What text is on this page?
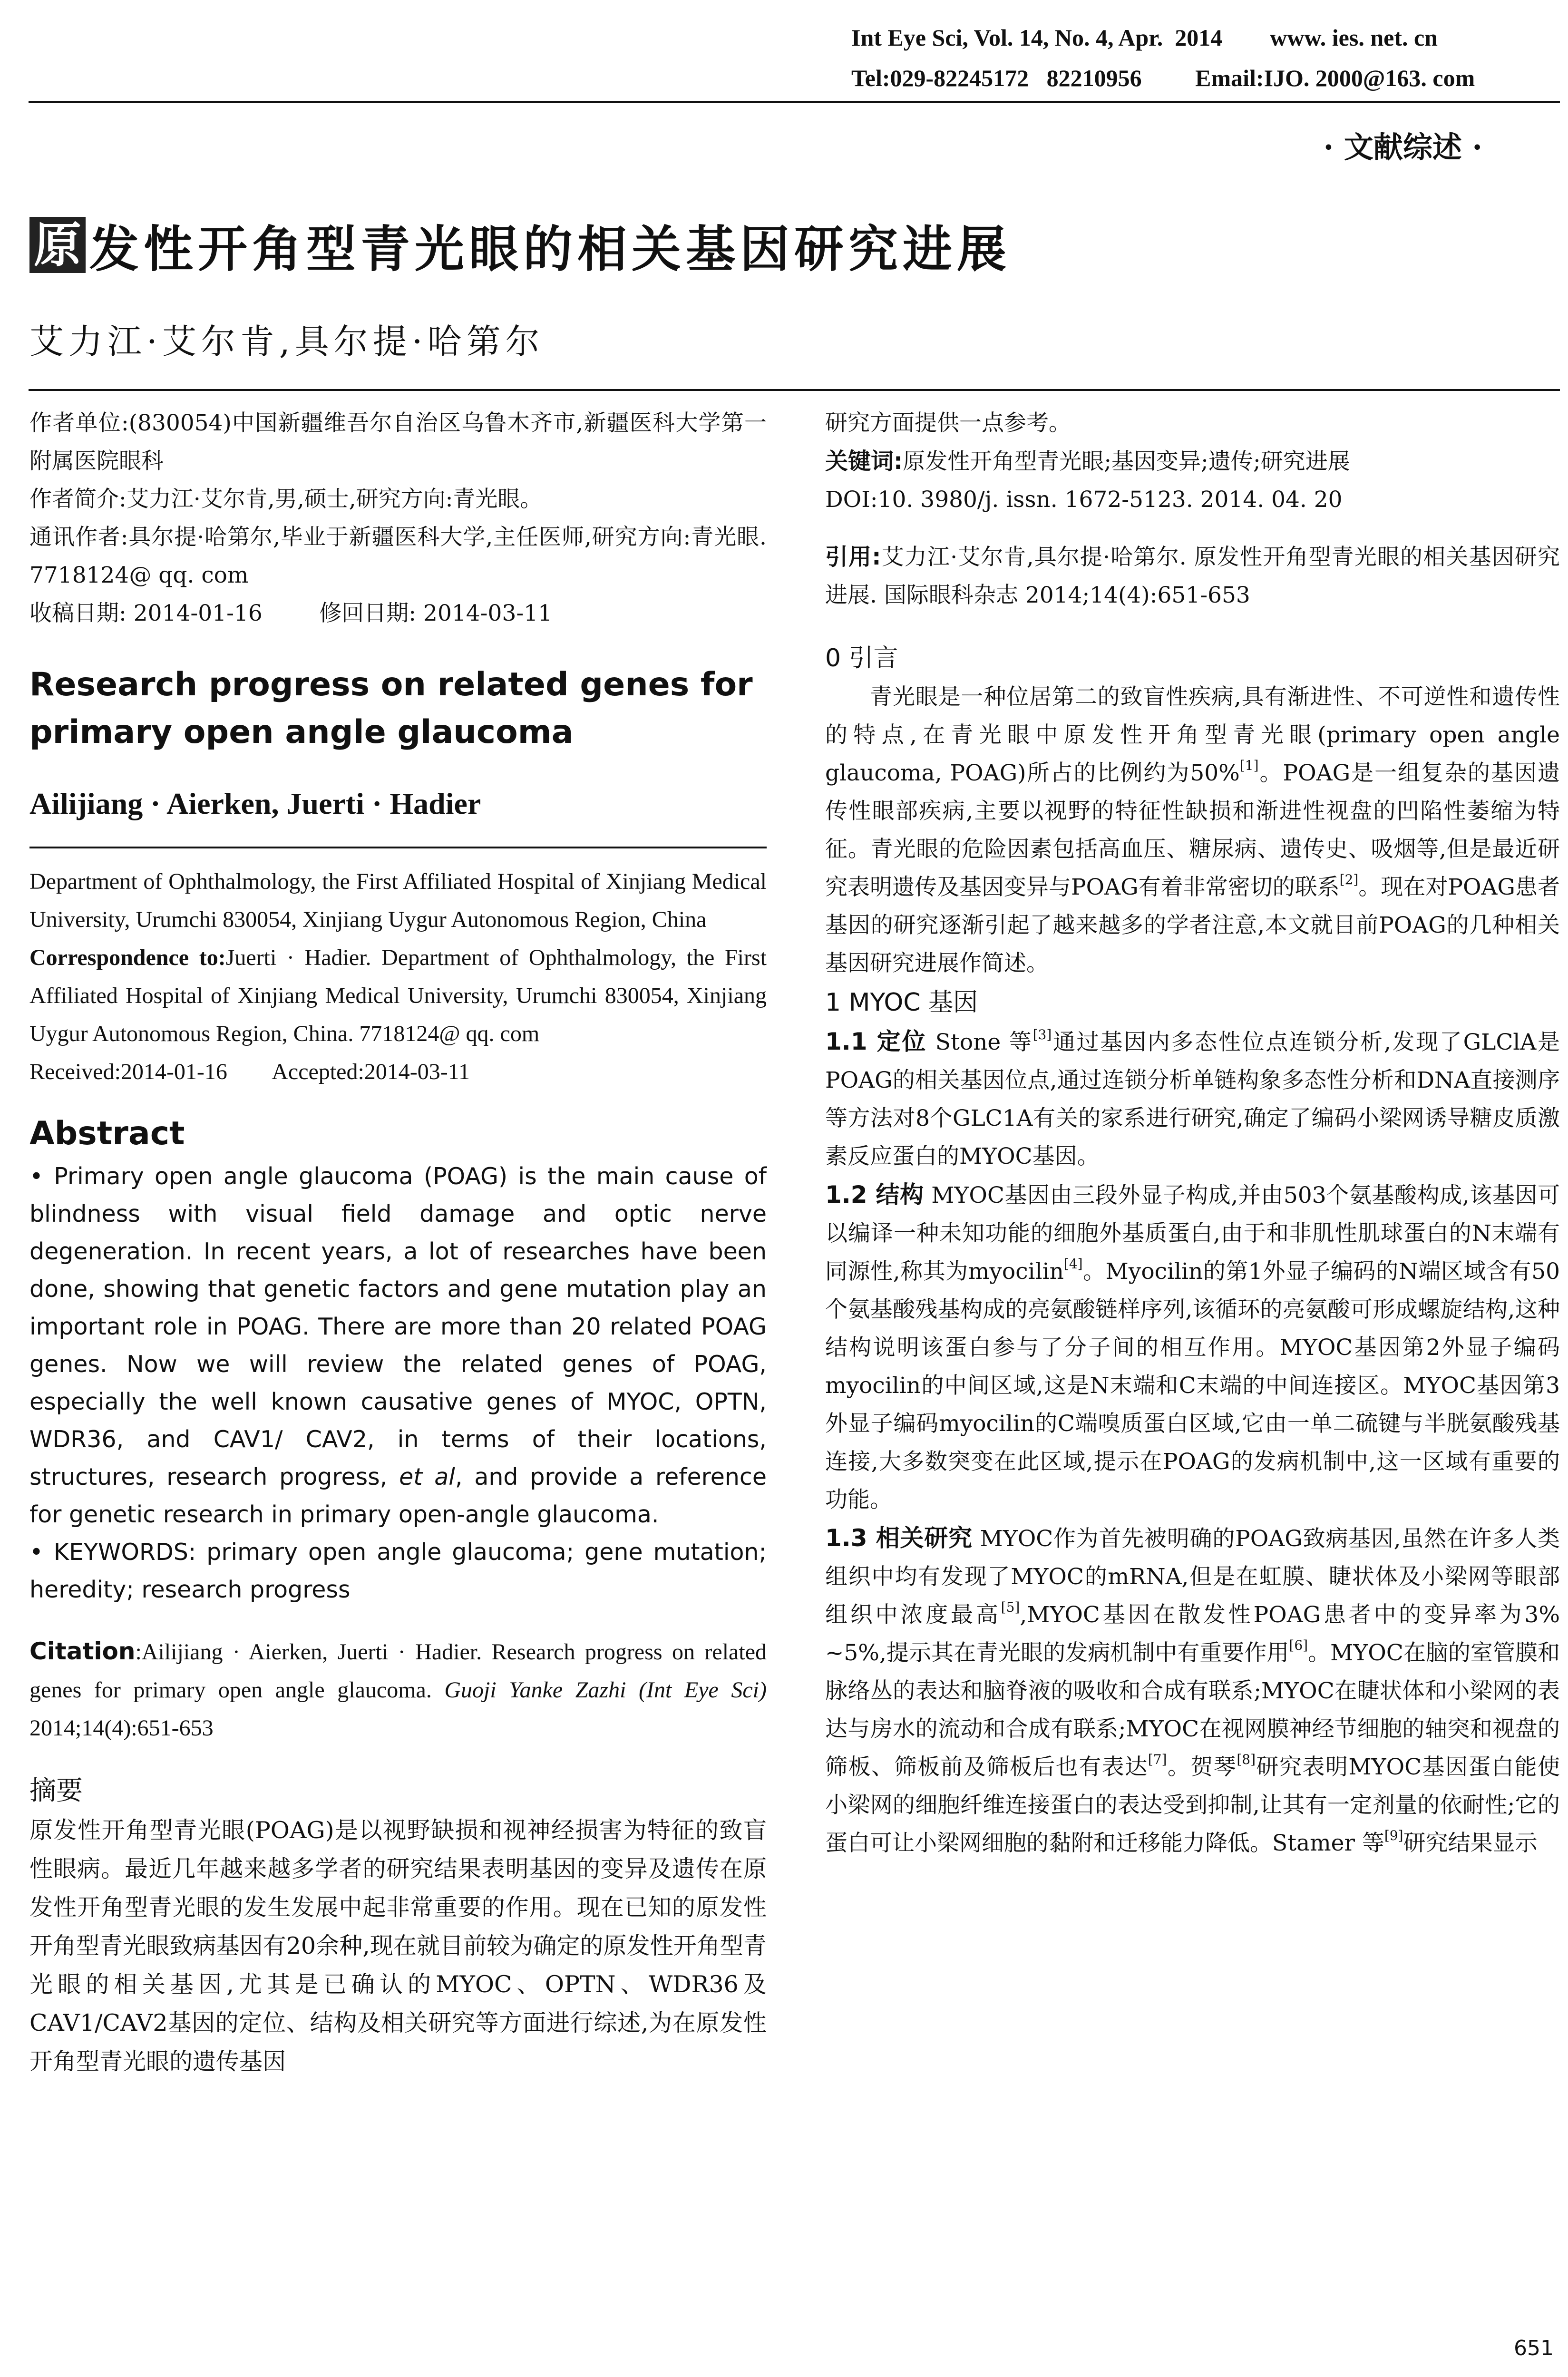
Int Eye Sci, Vol. 14, No. 4, Apr.  2014        www. ies. net. cn
Tel:029-82245172   82210956         Email:IJO. 2000@163. com
· 文献综述 ·
原 发性开角型青光眼的相关基因研究进展
艾力江·艾尔肯,具尔提·哈第尔

作者单位:(830054)中国新疆维吾尔自治区乌鲁木齐市,新疆医科大学第一附属医院眼科

作者简介:艾力江·艾尔肯,男,硕士,研究方向:青光眼。

通讯作者:具尔提·哈第尔,毕业于新疆医科大学,主任医师,研究方向:青光眼. 7718124@ qq. com

收稿日期: 2014-01-16        修回日期: 2014-03-11

Research progress on related genes for primary open angle glaucoma

Ailijiang · Aierken, Juerti · Hadier

Department of Ophthalmology, the First Affiliated Hospital of Xinjiang Medical University, Urumchi 830054, Xinjiang Uygur Autonomous Region, China

Correspondence to:Juerti · Hadier. Department of Ophthalmology, the First Affiliated Hospital of Xinjiang Medical University, Urumchi 830054, Xinjiang Uygur Autonomous Region, China. 7718124@ qq. com

Received:2014-01-16        Accepted:2014-03-11

Abstract

• Primary open angle glaucoma (POAG) is the main cause of blindness with visual field damage and optic nerve degeneration. In recent years, a lot of researches have been done, showing that genetic factors and gene mutation play an important role in POAG. There are more than 20 related POAG genes. Now we will review the related genes of POAG, especially the well known causative genes of MYOC, OPTN, WDR36, and CAV1/ CAV2, in terms of their locations, structures, research progress, et al, and provide a reference for genetic research in primary open-angle glaucoma.

• KEYWORDS: primary open angle glaucoma; gene mutation; heredity; research progress

Citation:Ailijiang · Aierken, Juerti · Hadier. Research progress on related genes for primary open angle glaucoma. Guoji Yanke Zazhi (Int Eye Sci) 2014;14(4):651-653

摘要

原发性开角型青光眼(POAG)是以视野缺损和视神经损害为特征的致盲性眼病。最近几年越来越多学者的研究结果表明基因的变异及遗传在原发性开角型青光眼的发生发展中起非常重要的作用。现在已知的原发性开角型青光眼致病基因有20余种,现在就目前较为确定的原发性开角型青光眼的相关基因,尤其是已确认的MYOC、OPTN、WDR36及CAV1/CAV2基因的定位、结构及相关研究等方面进行综述,为在原发性开角型青光眼的遗传基因

研究方面提供一点参考。

关键词:原发性开角型青光眼;基因变异;遗传;研究进展

DOI:10. 3980/j. issn. 1672-5123. 2014. 04. 20

引用:艾力江·艾尔肯,具尔提·哈第尔. 原发性开角型青光眼的相关基因研究进展. 国际眼科杂志 2014;14(4):651-653

0 引言

青光眼是一种位居第二的致盲性疾病,具有渐进性、不可逆性和遗传性的特点,在青光眼中原发性开角型青光眼(primary open angle glaucoma, POAG)所占的比例约为50%[1]。POAG是一组复杂的基因遗传性眼部疾病,主要以视野的特征性缺损和渐进性视盘的凹陷性萎缩为特征。青光眼的危险因素包括高血压、糖尿病、遗传史、吸烟等,但是最近研究表明遗传及基因变异与POAG有着非常密切的联系[2]。现在对POAG患者基因的研究逐渐引起了越来越多的学者注意,本文就目前POAG的几种相关基因研究进展作简述。

1 MYOC 基因

1.1 定位 Stone 等[3]通过基因内多态性位点连锁分析,发现了GLClA是POAG的相关基因位点,通过连锁分析单链构象多态性分析和DNA直接测序等方法对8个GLC1A有关的家系进行研究,确定了编码小梁网诱导糖皮质激素反应蛋白的MYOC基因。

1.2 结构 MYOC基因由三段外显子构成,并由503个氨基酸构成,该基因可以编译一种未知功能的细胞外基质蛋白,由于和非肌性肌球蛋白的N末端有同源性,称其为myocilin[4]。Myocilin的第1外显子编码的N端区域含有50个氨基酸残基构成的亮氨酸链样序列,该循环的亮氨酸可形成螺旋结构,这种结构说明该蛋白参与了分子间的相互作用。MYOC基因第2外显子编码myocilin的中间区域,这是N末端和C末端的中间连接区。MYOC基因第3外显子编码myocilin的C端嗅质蛋白区域,它由一单二硫键与半胱氨酸残基连接,大多数突变在此区域,提示在POAG的发病机制中,这一区域有重要的功能。

1.3 相关研究 MYOC作为首先被明确的POAG致病基因,虽然在许多人类组织中均有发现了MYOC的mRNA,但是在虹膜、睫状体及小梁网等眼部组织中浓度最高[5],MYOC基因在散发性POAG患者中的变异率为3% ~5%,提示其在青光眼的发病机制中有重要作用[6]。MYOC在脑的室管膜和脉络丛的表达和脑脊液的吸收和合成有联系;MYOC在睫状体和小梁网的表达与房水的流动和合成有联系;MYOC在视网膜神经节细胞的轴突和视盘的筛板、筛板前及筛板后也有表达[7]。贺琴[8]研究表明MYOC基因蛋白能使小梁网的细胞纤维连接蛋白的表达受到抑制,让其有一定剂量的依耐性;它的蛋白可让小梁网细胞的黏附和迁移能力降低。Stamer 等[9]研究结果显示

651
